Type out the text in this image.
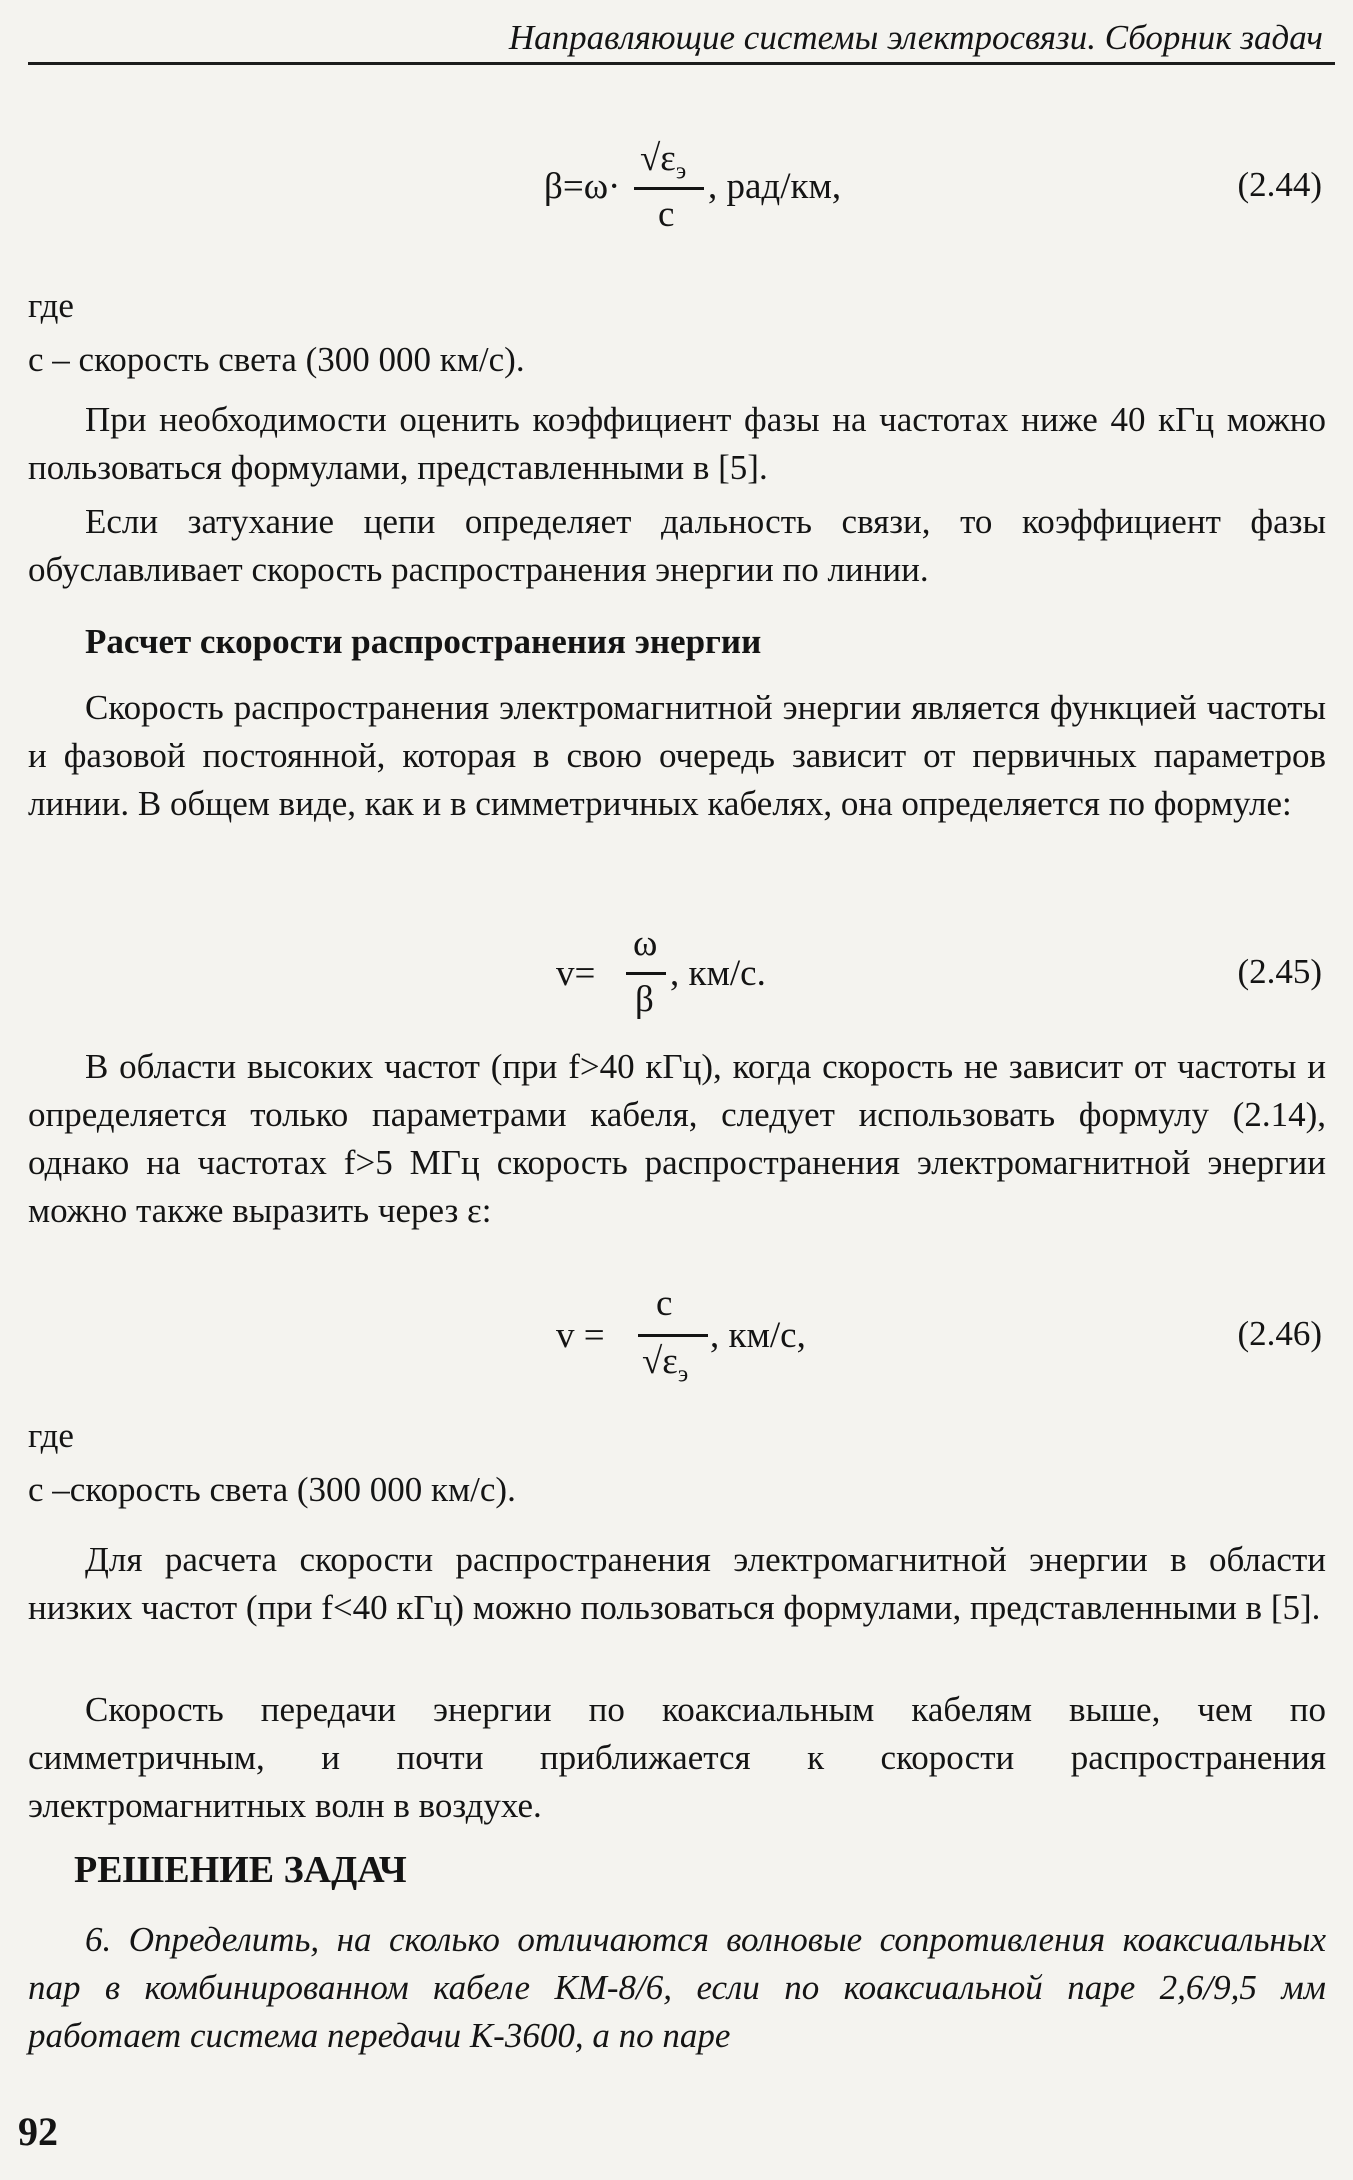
Направляющие системы электросвязи. Сборник задач
β=ω·
$√\varepsilon_э$
c
, рад/км,	(2.44)

где

с – скорость света (300 000 км/с).

При необходимости оценить коэффициент фазы на частотах ниже 40 кГц можно пользоваться формулами, представленными в [5].

Если затухание цепи определяет дальность связи, то коэффициент фазы обуславливает скорость распространения энергии по линии.

Расчет скорости распространения энергии

Скорость распространения электромагнитной энергии является функцией частоты и фазовой постоянной, которая в свою очередь зависит от первичных параметров линии. В общем виде, как и в симметричных кабелях, она определяется по формуле:

v=
ω
β
, км/с.	(2.45)

В области высоких частот (при f>40 кГц), когда скорость не зависит от частоты и определяется только параметрами кабеля, следует использовать формулу (2.14), однако на частотах f>5 МГц скорость распространения электромагнитной энергии можно также выразить через ε:

v =
c
$√\varepsilon_э$
, км/с,	(2.46)

где

с –скорость света (300 000 км/с).

Для расчета скорости распространения электромагнитной энергии в области низких частот (при f<40 кГц) можно пользоваться формулами, представленными в [5].

Скорость передачи энергии по коаксиальным кабелям выше, чем по симметричным, и почти приближается к скорости распространения электромагнитных волн в воздухе.

РЕШЕНИЕ ЗАДАЧ

6. Определить, на сколько отличаются волновые сопротивления коаксиальных пар в комбинированном кабеле КМ-8/6, если по коаксиальной паре 2,6/9,5 мм работает система передачи К-3600, а по паре

92
